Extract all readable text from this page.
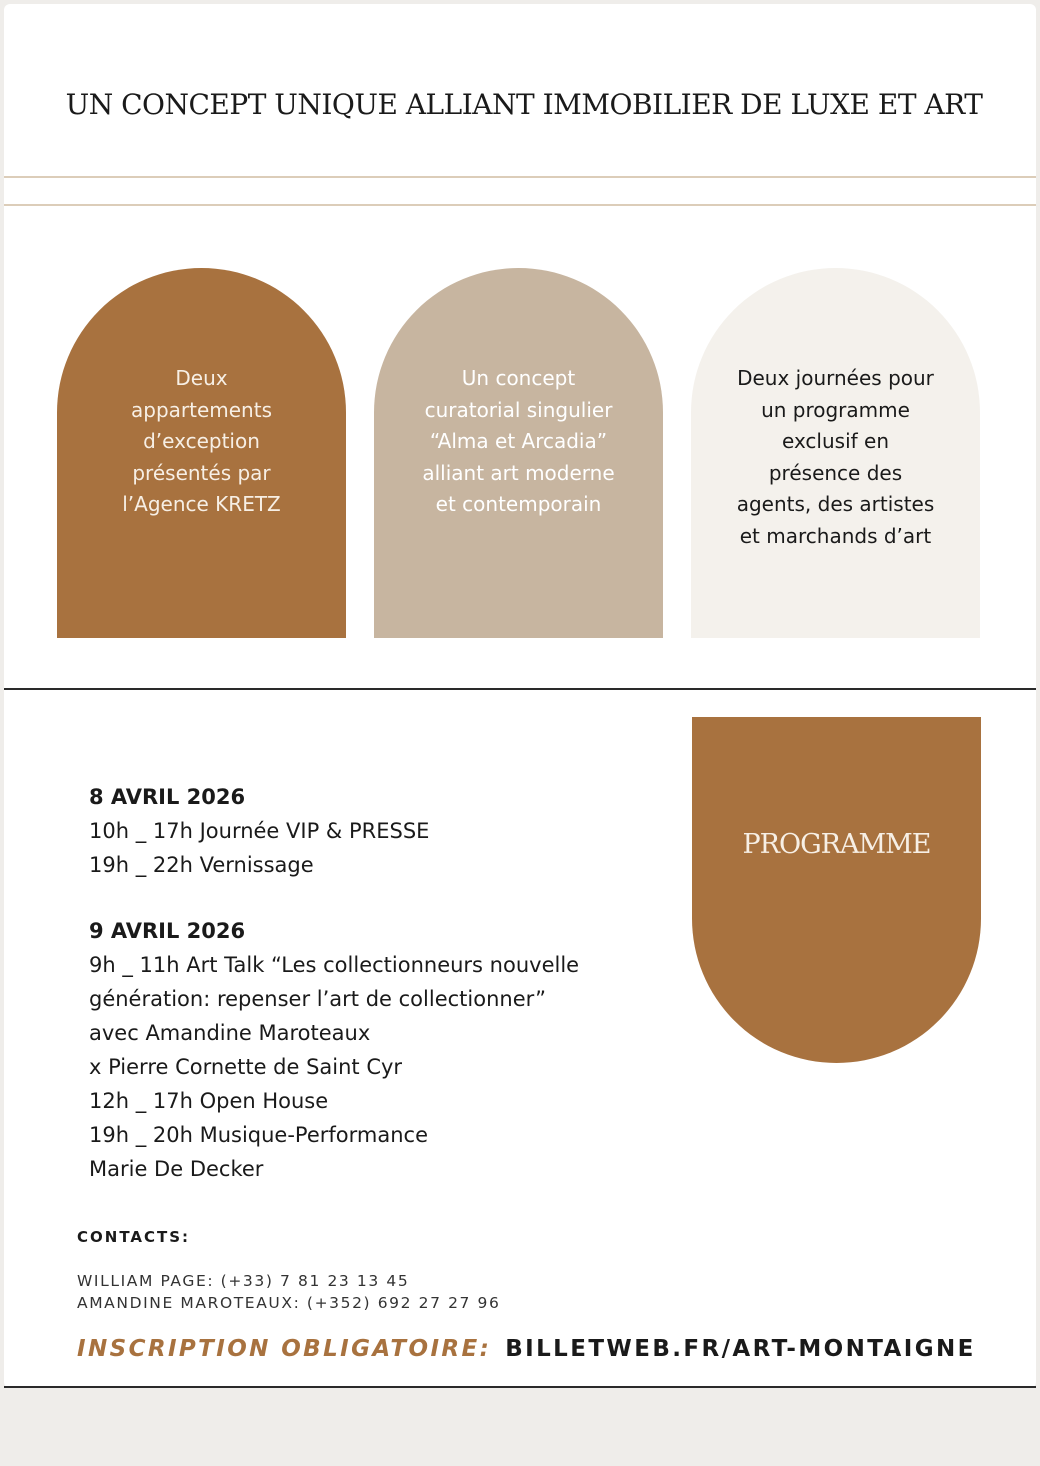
UN CONCEPT UNIQUE ALLIANT IMMOBILIER DE LUXE ET ART
Deux
appartements
d’exception
présentés par
l’Agence KRETZ
Un concept
curatorial singulier
“Alma et Arcadia”
alliant art moderne
et contemporain
Deux journées pour
un programme
exclusif en
présence des
agents, des artistes
et marchands d’art
PROGRAMME
8 AVRIL 2026
10h _ 17h Journée VIP & PRESSE
19h _ 22h Vernissage
9 AVRIL 2026
9h _ 11h Art Talk “Les collectionneurs nouvelle
génération: repenser l’art de collectionner”
avec Amandine Maroteaux
x Pierre Cornette de Saint Cyr
12h _ 17h Open House
19h _ 20h Musique-Performance
Marie De Decker
CONTACTS:
WILLIAM PAGE: (+33) 7 81 23 13 45
AMANDINE MAROTEAUX: (+352) 692 27 27 96
INSCRIPTION OBLIGATOIRE: BILLETWEB.FR/ART-MONTAIGNE
